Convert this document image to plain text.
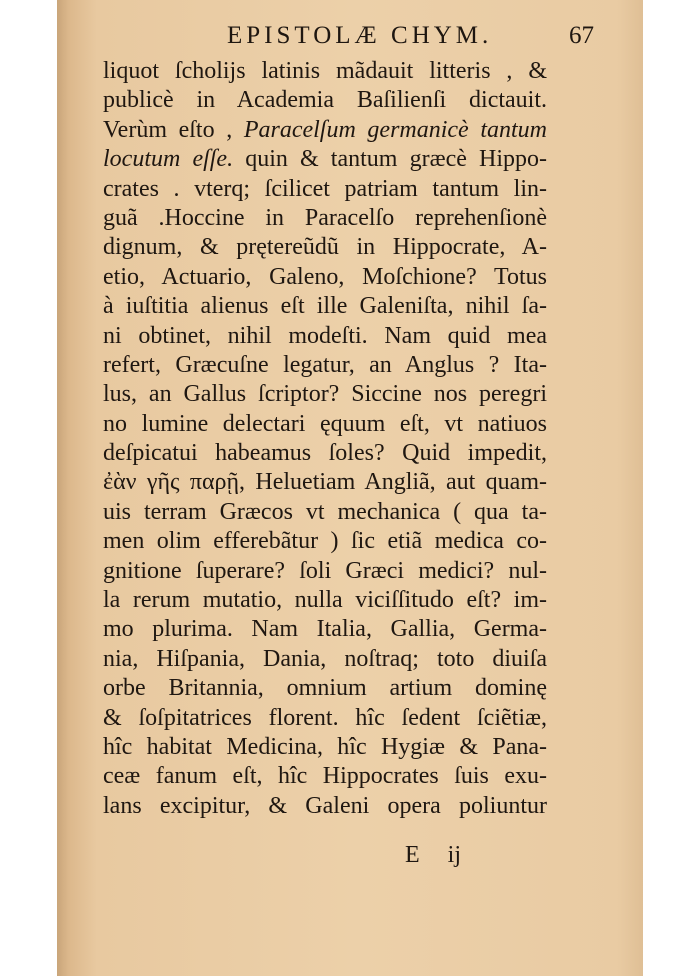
EPISTOLÆ CHYM.	67
liquot ſcholijs latinis mãdauit litteris , &
publicè in Academia Baſilienſi dictauit.
Verùm eſto , Paracelſum germanicè tantum
locutum eſſe. quin & tantum græcè Hippo-
crates . vterq; ſcilicet patriam tantum lin-
guã .Hoccine in Paracelſo reprehenſionè
dignum, & prętereũdũ in Hippocrate, A-
etio, Actuario, Galeno, Moſchione? Totus
à iuſtitia alienus eſt ille Galeniſta, nihil ſa-
ni obtinet, nihil modeſti. Nam quid mea
refert, Græcuſne legatur, an Anglus ? Ita-
lus, an Gallus ſcriptor? Siccine nos peregri
no lumine delectari ęquum eſt, vt natiuos
deſpicatui habeamus ſoles? Quid impedit,
ἐὰν γῆς παρῇ, Heluetiam Angliã, aut quam-
uis terram Græcos vt mechanica ( qua ta-
men olim efferebãtur ) ſic etiã medica co-
gnitione ſuperare? ſoli Græci medici? nul-
la rerum mutatio, nulla viciſſitudo eſt? im-
mo plurima. Nam Italia, Gallia, Germa-
nia, Hiſpania, Dania, noſtraq; toto diuiſa
orbe Britannia, omnium artium dominę
& ſoſpitatrices florent. hîc ſedent ſciẽtiæ,
hîc habitat Medicina, hîc Hygiæ & Pana-
ceæ fanum eſt, hîc Hippocrates ſuis exu-
lans excipitur, & Galeni opera poliuntur
E ij
